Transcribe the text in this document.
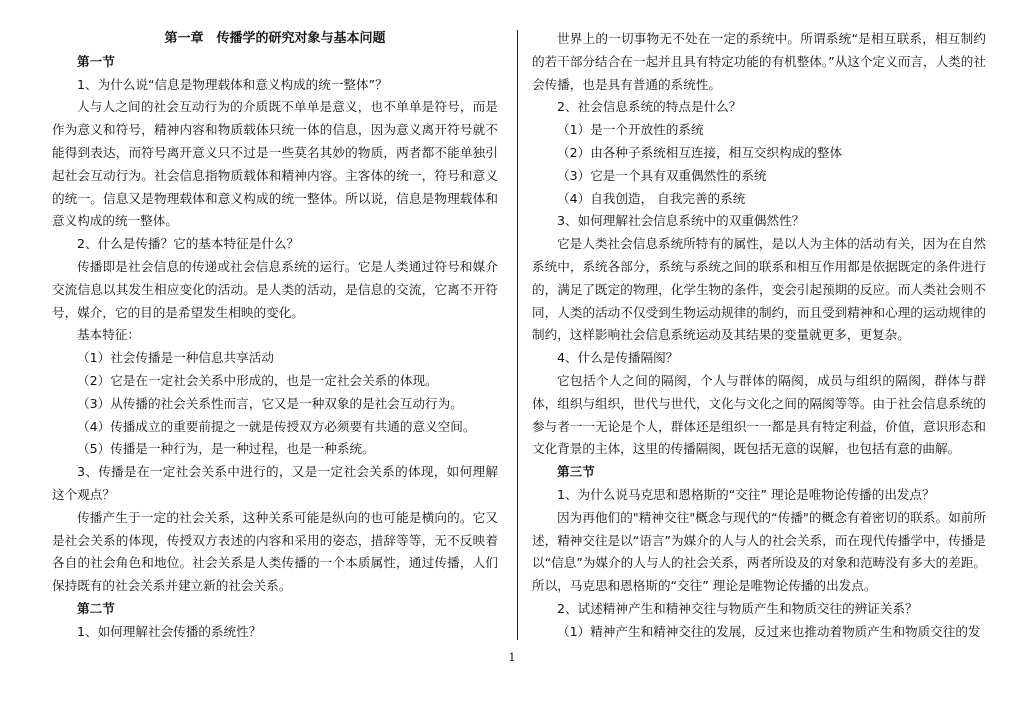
第一章　传播学的研究对象与基本问题

第一节

1、为什么说“信息是物理载体和意义构成的统一整体”？

人与人之间的社会互动行为的介质既不单单是意义，也不单单是符号，而是作为意义和符号，精神内容和物质载体只统一体的信息，因为意义离开符号就不能得到表达，而符号离开意义只不过是一些莫名其妙的物质，两者都不能单独引起社会互动行为。社会信息指物质载体和精神内容。主客体的统一，符号和意义的统一。信息又是物理载体和意义构成的统一整体。所以说，信息是物理载体和意义构成的统一整体。

2、什么是传播？它的基本特征是什么？

传播即是社会信息的传递或社会信息系统的运行。它是人类通过符号和媒介交流信息以其发生相应变化的活动。是人类的活动，是信息的交流，它离不开符号，媒介，它的目的是希望发生相映的变化。

基本特征：

（1）社会传播是一种信息共享活动

（2）它是在一定社会关系中形成的，也是一定社会关系的体现。

（3）从传播的社会关系性而言，它又是一种双象的是社会互动行为。

（4）传播成立的重要前提之一就是传授双方必须要有共通的意义空间。

（5）传播是一种行为，是一种过程，也是一种系统。

3、传播是在一定社会关系中进行的，又是一定社会关系的体现，如何理解这个观点？

传播产生于一定的社会关系，这种关系可能是纵向的也可能是横向的。它又是社会关系的体现，传授双方表述的内容和采用的姿态，措辞等等，无不反映着各自的社会角色和地位。社会关系是人类传播的一个本质属性，通过传播，人们保持既有的社会关系并建立新的社会关系。

第二节

1、如何理解社会传播的系统性？

世界上的一切事物无不处在一定的系统中。所谓系统“是相互联系，相互制约的若干部分结合在一起并且具有特定功能的有机整体。”从这个定义而言，人类的社会传播，也是具有普通的系统性。

2、社会信息系统的特点是什么？

（1）是一个开放性的系统

（2）由各种子系统相互连接，相互交织构成的整体

（3）它是一个具有双重偶然性的系统

（4）自我创造， 自我完善的系统

3、如何理解社会信息系统中的双重偶然性？

它是人类社会信息系统所特有的属性，是以人为主体的活动有关，因为在自然系统中，系统各部分，系统与系统之间的联系和相互作用都是依据既定的条件进行的，满足了既定的物理，化学生物的条件，变会引起预期的反应。而人类社会则不同，人类的活动不仅受到生物运动规律的制约，而且受到精神和心理的运动规律的制约，这样影响社会信息系统运动及其结果的变量就更多，更复杂。

4、什么是传播隔阂？

它包括个人之间的隔阂，个人与群体的隔阂，成员与组织的隔阂，群体与群体，组织与组织，世代与世代，文化与文化之间的隔阂等等。由于社会信息系统的参与者一一无论是个人，群体还是组织一一都是具有特定利益，价值，意识形态和文化背景的主体，这里的传播隔阂，既包括无意的误解，也包括有意的曲解。

第三节

1、为什么说马克思和恩格斯的“交往” 理论是唯物论传播的出发点？

因为再他们的"精神交往"概念与现代的“传播"的概念有着密切的联系。如前所述，精神交往是以“语言”为媒介的人与人的社会关系，而在现代传播学中，传播是以“信息”为媒介的人与人的社会关系，两者所设及的对象和范畴没有多大的差距。所以，马克思和恩格斯的“交往” 理论是唯物论传播的出发点。

2、试述精神产生和精神交往与物质产生和物质交往的辨证关系？

（1）精神产生和精神交往的发展，反过来也推动着物质产生和物质交往的发

1
